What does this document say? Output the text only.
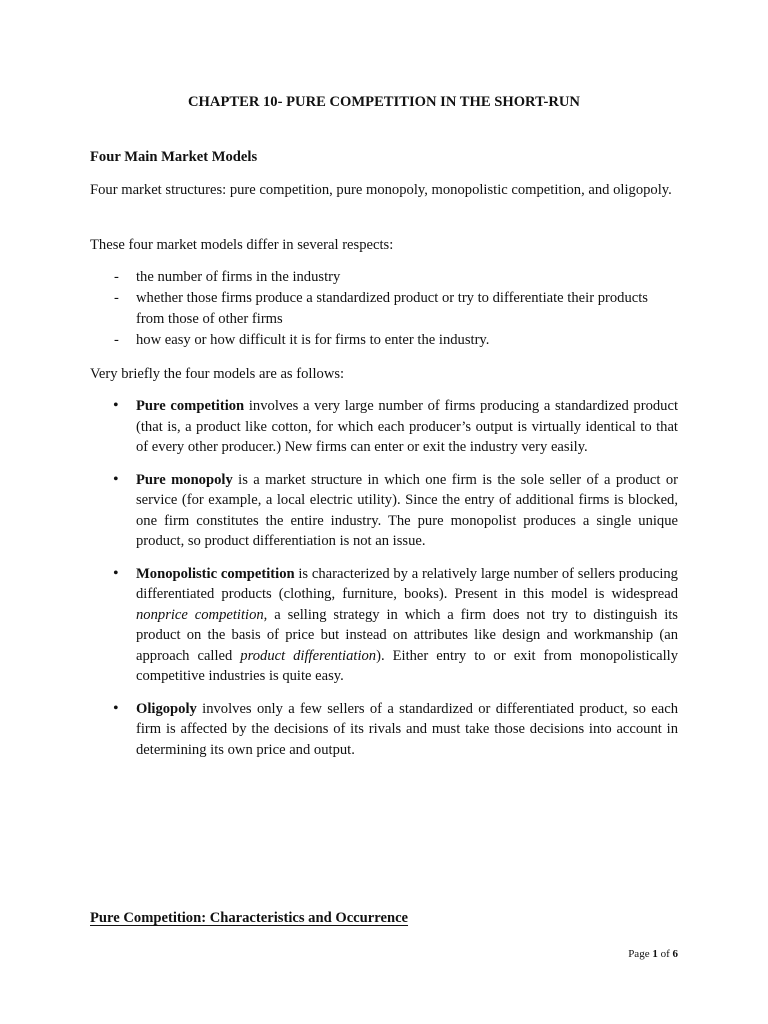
CHAPTER 10- PURE COMPETITION IN THE SHORT-RUN
Four Main Market Models

Four market structures: pure competition, pure monopoly, monopolistic competition, and oligopoly.

These four market models differ in several respects:

- the number of firms in the industry
- whether those firms produce a standardized product or try to differentiate their products from those of other firms
- how easy or how difficult it is for firms to enter the industry.

Very briefly the four models are as follows:

• Pure competition involves a very large number of firms producing a standardized product (that is, a product like cotton, for which each producer’s output is virtually identical to that of every other producer.) New firms can enter or exit the industry very easily.
• Pure monopoly is a market structure in which one firm is the sole seller of a product or service (for example, a local electric utility). Since the entry of additional firms is blocked, one firm constitutes the entire industry. The pure monopolist produces a single unique product, so product differentiation is not an issue.
• Monopolistic competition is characterized by a relatively large number of sellers producing differentiated products (clothing, furniture, books). Present in this model is widespread nonprice competition, a selling strategy in which a firm does not try to distinguish its product on the basis of price but instead on attributes like design and workmanship (an approach called product differentiation). Either entry to or exit from monopolistically competitive industries is quite easy.
• Oligopoly involves only a few sellers of a standardized or differentiated product, so each firm is affected by the decisions of its rivals and must take those decisions into account in determining its own price and output.
Pure Competition: Characteristics and Occurrence

Page 1 of 6
